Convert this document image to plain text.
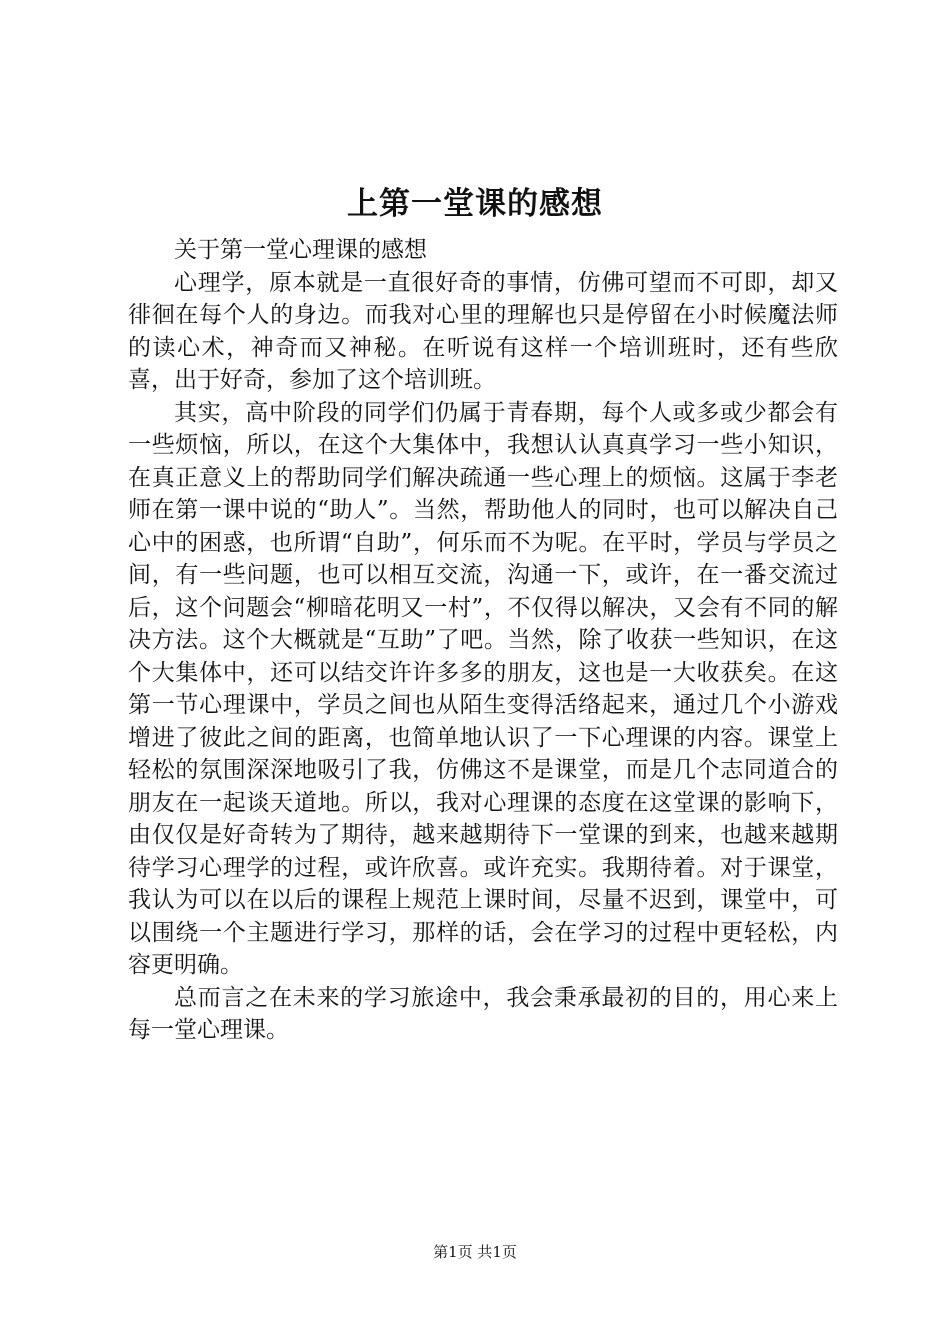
上第一堂课的感想

关于第一堂心理课的感想

心理学，原本就是一直很好奇的事情，仿佛可望而不可即，却又徘徊在每个人的身边。而我对心里的理解也只是停留在小时候魔法师的读心术，神奇而又神秘。在听说有这样一个培训班时，还有些欣喜，出于好奇，参加了这个培训班。

其实，高中阶段的同学们仍属于青春期，每个人或多或少都会有一些烦恼，所以，在这个大集体中，我想认认真真学习一些小知识，在真正意义上的帮助同学们解决疏通一些心理上的烦恼。这属于李老师在第一课中说的“助人”。当然，帮助他人的同时，也可以解决自己心中的困惑，也所谓“自助”，何乐而不为呢。在平时，学员与学员之间，有一些问题，也可以相互交流，沟通一下，或许，在一番交流过后，这个问题会“柳暗花明又一村”，不仅得以解决，又会有不同的解决方法。这个大概就是“互助”了吧。当然，除了收获一些知识，在这个大集体中，还可以结交许许多多的朋友，这也是一大收获矣。在这第一节心理课中，学员之间也从陌生变得活络起来，通过几个小游戏增进了彼此之间的距离，也简单地认识了一下心理课的内容。课堂上轻松的氛围深深地吸引了我，仿佛这不是课堂，而是几个志同道合的朋友在一起谈天道地。所以，我对心理课的态度在这堂课的影响下，由仅仅是好奇转为了期待，越来越期待下一堂课的到来，也越来越期待学习心理学的过程，或许欣喜。或许充实。我期待着。对于课堂，我认为可以在以后的课程上规范上课时间，尽量不迟到，课堂中，可以围绕一个主题进行学习，那样的话，会在学习的过程中更轻松，内容更明确。

总而言之在未来的学习旅途中，我会秉承最初的目的，用心来上每一堂心理课。

第1页 共1页
